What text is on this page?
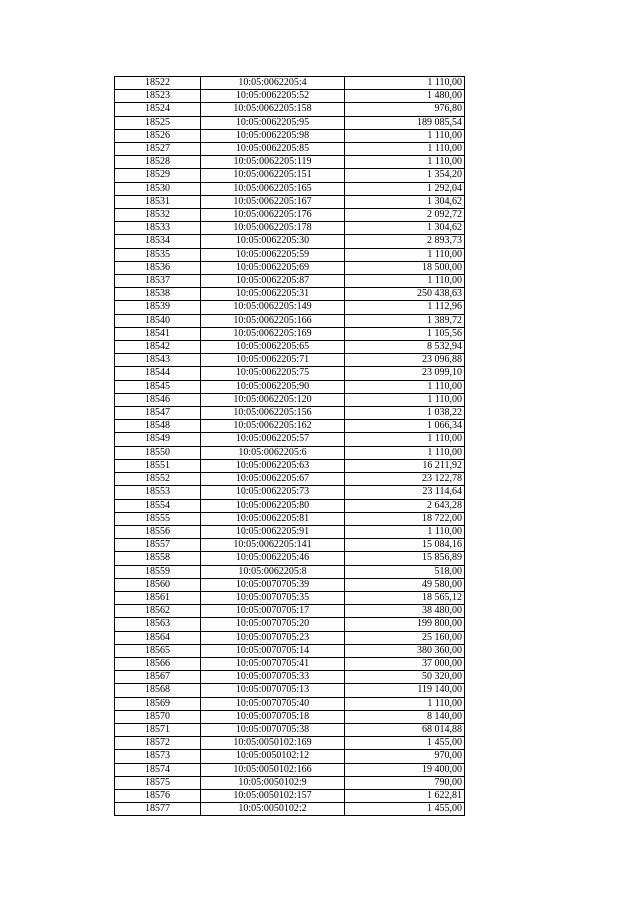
18522	10:05:0062205:4	1 110,00
18523	10:05:0062205:52	1 480,00
18524	10:05:0062205:158	976,80
18525	10:05:0062205:95	189 085,54
18526	10:05:0062205:98	1 110,00
18527	10:05:0062205:85	1 110,00
18528	10:05:0062205:119	1 110,00
18529	10:05:0062205:151	1 354,20
18530	10:05:0062205:165	1 292,04
18531	10:05:0062205:167	1 304,62
18532	10:05:0062205:176	2 092,72
18533	10:05:0062205:178	1 304,62
18534	10:05:0062205:30	2 893,73
18535	10:05:0062205:59	1 110,00
18536	10:05:0062205:69	18 500,00
18537	10:05:0062205:87	1 110,00
18538	10:05:0062205:31	250 438,63
18539	10:05:0062205:149	1 112,96
18540	10:05:0062205:166	1 389,72
18541	10:05:0062205:169	1 105,56
18542	10:05:0062205:65	8 532,94
18543	10:05:0062205:71	23 096,88
18544	10:05:0062205:75	23 099,10
18545	10:05:0062205:90	1 110,00
18546	10:05:0062205:120	1 110,00
18547	10:05:0062205:156	1 038,22
18548	10:05:0062205:162	1 066,34
18549	10:05:0062205:57	1 110,00
18550	10:05:0062205:6	1 110,00
18551	10:05:0062205:63	16 211,92
18552	10:05:0062205:67	23 122,78
18553	10:05:0062205:73	23 114,64
18554	10:05:0062205:80	2 643,28
18555	10:05:0062205:81	18 722,00
18556	10:05:0062205:91	1 110,00
18557	10:05:0062205:141	15 084,16
18558	10:05:0062205:46	15 856,89
18559	10:05:0062205:8	518,00
18560	10:05:0070705:39	49 580,00
18561	10:05:0070705:35	18 565,12
18562	10:05:0070705:17	38 480,00
18563	10:05:0070705:20	199 800,00
18564	10:05:0070705:23	25 160,00
18565	10:05:0070705:14	380 360,00
18566	10:05:0070705:41	37 000,00
18567	10:05:0070705:33	50 320,00
18568	10:05:0070705:13	119 140,00
18569	10:05:0070705:40	1 110,00
18570	10:05:0070705:18	8 140,00
18571	10:05:0070705:38	68 014,88
18572	10:05:0050102:169	1 455,00
18573	10:05:0050102:12	970,00
18574	10:05:0050102:166	19 400,00
18575	10:05:0050102:9	790,00
18576	10:05:0050102:157	1 622,81
18577	10:05:0050102:2	1 455,00
